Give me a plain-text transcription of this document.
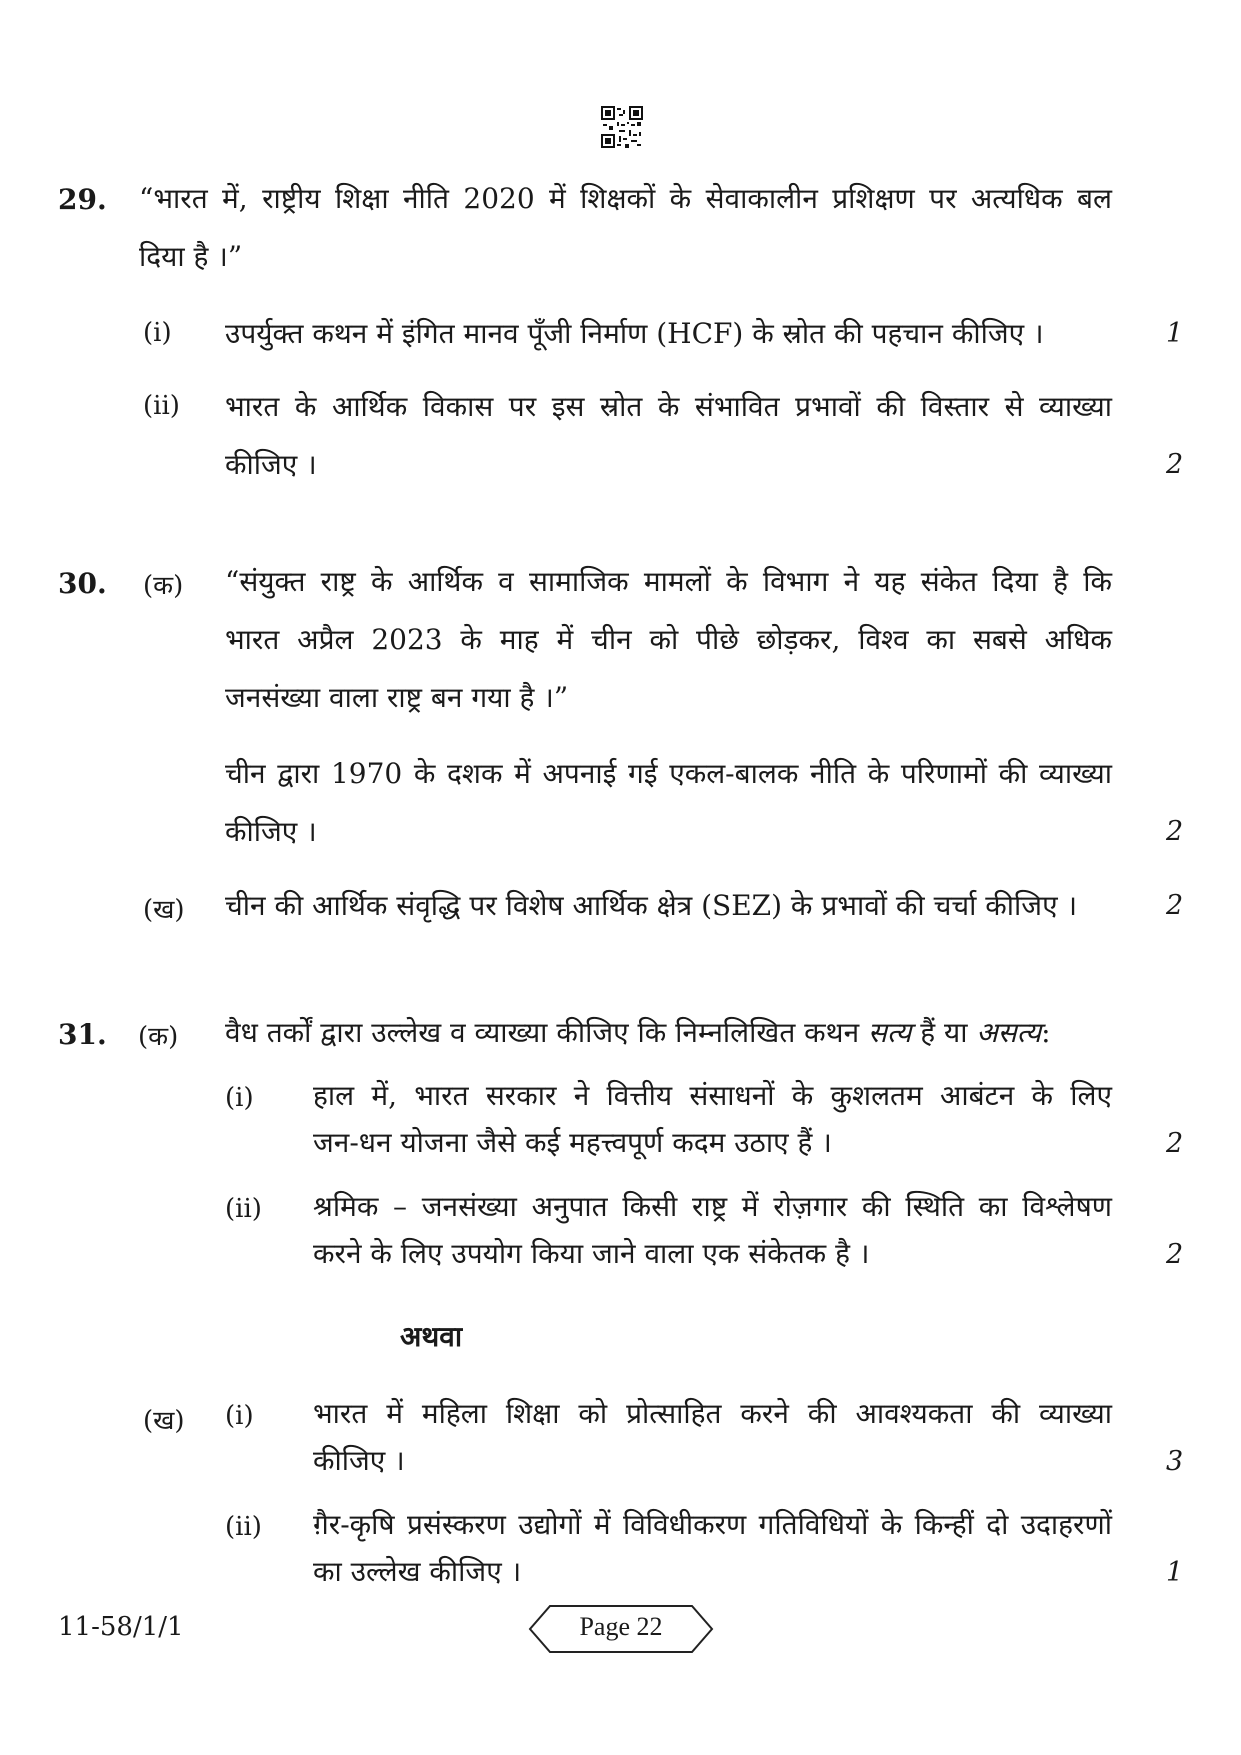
29. “भारत में, राष्ट्रीय शिक्षा नीति 2020 में शिक्षकों के सेवाकालीन प्रशिक्षण पर अत्यधिक बल
दिया है ।”
(i) उपर्युक्त कथन में इंगित मानव पूँजी निर्माण (HCF) के स्रोत की पहचान कीजिए ।	1
(ii) भारत के आर्थिक विकास पर इस स्रोत के संभावित प्रभावों की विस्तार से व्याख्या
कीजिए ।	2
30. (क) “संयुक्त राष्ट्र के आर्थिक व सामाजिक मामलों के विभाग ने यह संकेत दिया है कि
भारत अप्रैल 2023 के माह में चीन को पीछे छोड़कर, विश्व का सबसे अधिक
जनसंख्या वाला राष्ट्र बन गया है ।”
चीन द्वारा 1970 के दशक में अपनाई गई एकल-बालक नीति के परिणामों की व्याख्या
कीजिए ।	2
(ख) चीन की आर्थिक संवृद्धि पर विशेष आर्थिक क्षेत्र (SEZ) के प्रभावों की चर्चा कीजिए ।	2
31. (क) वैध तर्कों द्वारा उल्लेख व व्याख्या कीजिए कि निम्नलिखित कथन सत्य हैं या असत्य:
(i) हाल में, भारत सरकार ने वित्तीय संसाधनों के कुशलतम आबंटन के लिए
जन-धन योजना जैसे कई महत्त्वपूर्ण कदम उठाए हैं ।	2
(ii) श्रमिक – जनसंख्या अनुपात किसी राष्ट्र में रोज़गार की स्थिति का विश्लेषण
करने के लिए उपयोग किया जाने वाला एक संकेतक है ।	2
अथवा
(ख) (i) भारत में महिला शिक्षा को प्रोत्साहित करने की आवश्यकता की व्याख्या
कीजिए ।	3
(ii) ग़ैर-कृषि प्रसंस्करण उद्योगों में विविधीकरण गतिविधियों के किन्हीं दो उदाहरणों
का उल्लेख कीजिए ।	1
11-58/1/1	Page 22
